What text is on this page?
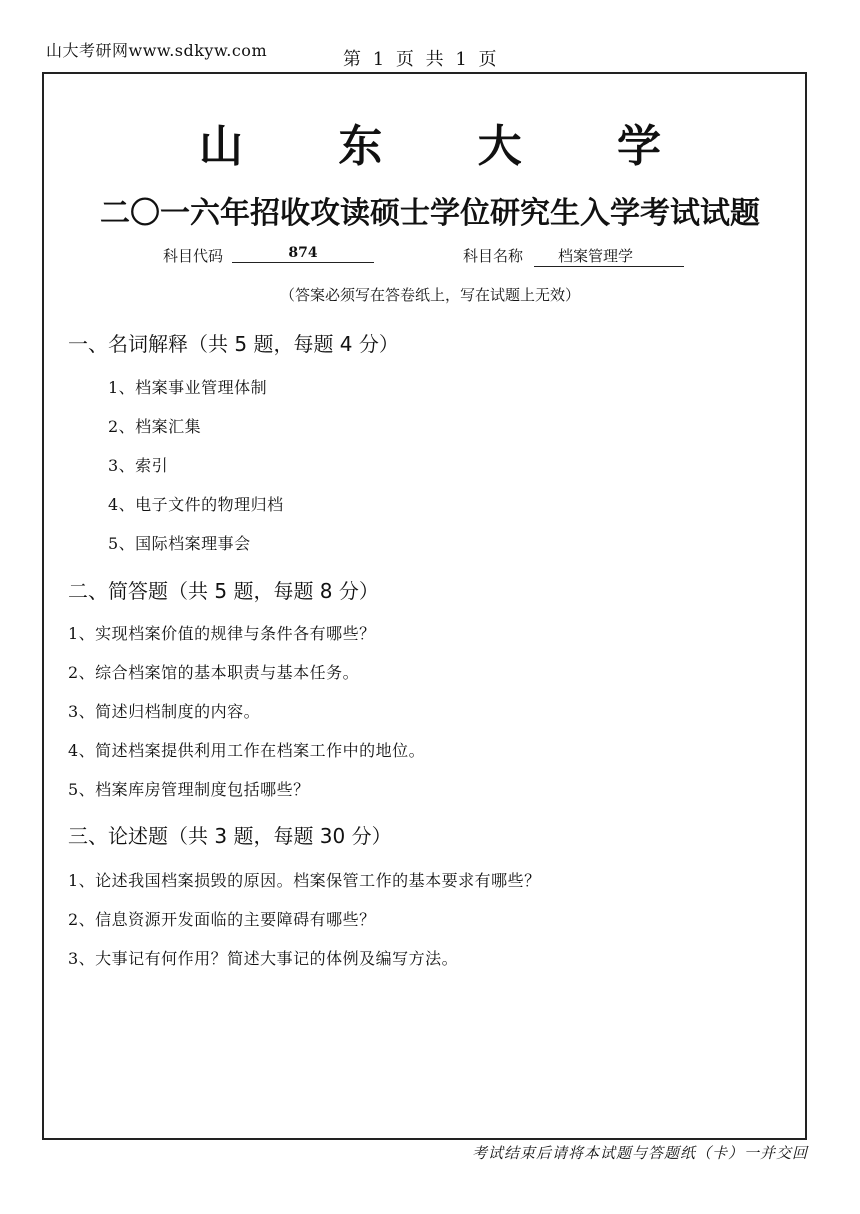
山大考研网www.sdkyw.com	第 1 页 共 1 页
山 东 大 学
二〇一六年招收攻读硕士学位研究生入学考试试题
科目代码	874	科目名称	档案管理学
（答案必须写在答卷纸上，写在试题上无效）
一、名词解释（共 5 题，每题 4 分）
1、档案事业管理体制
2、档案汇集
3、索引
4、电子文件的物理归档
5、国际档案理事会
二、简答题（共 5 题，每题 8 分）
1、实现档案价值的规律与条件各有哪些？
2、综合档案馆的基本职责与基本任务。
3、简述归档制度的内容。
4、简述档案提供利用工作在档案工作中的地位。
5、档案库房管理制度包括哪些？
三、论述题（共 3 题，每题 30 分）
1、论述我国档案损毁的原因。档案保管工作的基本要求有哪些？
2、信息资源开发面临的主要障碍有哪些？
3、大事记有何作用？简述大事记的体例及编写方法。
考试结束后请将本试题与答题纸（卡）一并交回
